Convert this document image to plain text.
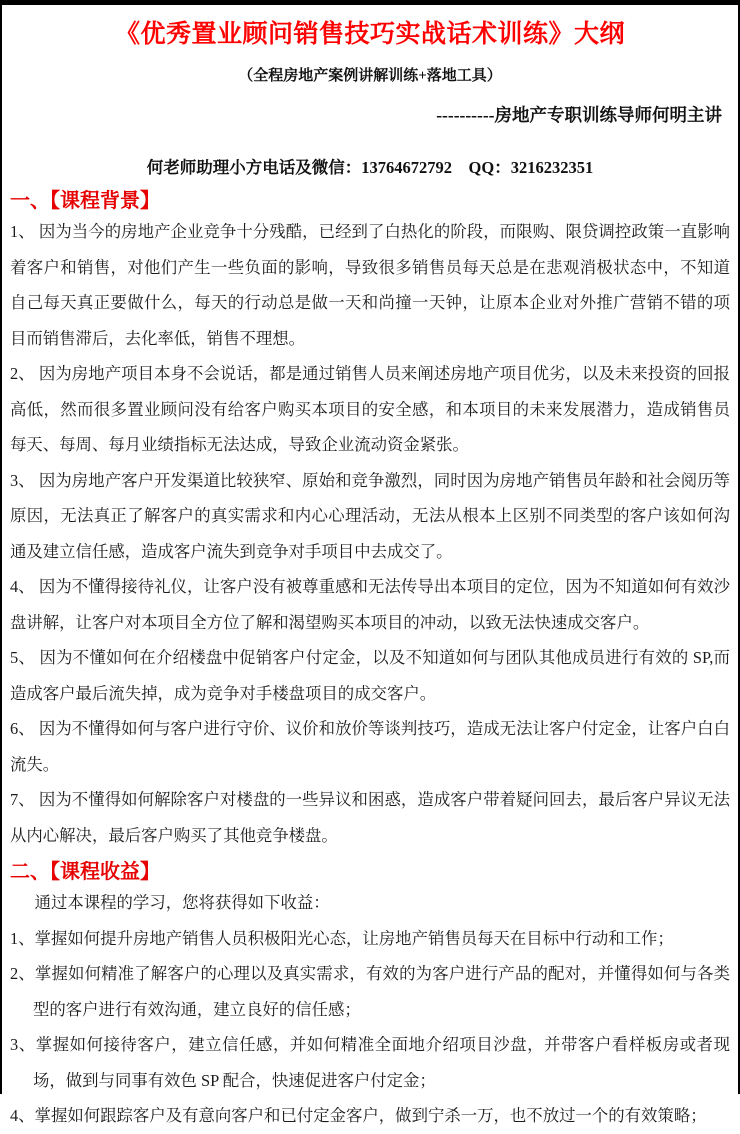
《优秀置业顾问销售技巧实战话术训练》大纲
（全程房地产案例讲解训练+落地工具）
----------房地产专职训练导师何明主讲
何老师助理小方电话及微信：13764672792    QQ：3216232351
一、【课程背景】

1、 因为当今的房地产企业竞争十分残酷，已经到了白热化的阶段，而限购、限贷调控政策一直影响着客户和销售，对他们产生一些负面的影响，导致很多销售员每天总是在悲观消极状态中，不知道自己每天真正要做什么，每天的行动总是做一天和尚撞一天钟，让原本企业对外推广营销不错的项目而销售滞后，去化率低，销售不理想。

2、 因为房地产项目本身不会说话，都是通过销售人员来阐述房地产项目优劣，以及未来投资的回报高低，然而很多置业顾问没有给客户购买本项目的安全感，和本项目的未来发展潜力，造成销售员每天、每周、每月业绩指标无法达成，导致企业流动资金紧张。

3、 因为房地产客户开发渠道比较狭窄、原始和竞争激烈，同时因为房地产销售员年龄和社会阅历等原因，无法真正了解客户的真实需求和内心心理活动，无法从根本上区别不同类型的客户该如何沟通及建立信任感，造成客户流失到竞争对手项目中去成交了。

4、 因为不懂得接待礼仪，让客户没有被尊重感和无法传导出本项目的定位，因为不知道如何有效沙盘讲解，让客户对本项目全方位了解和渴望购买本项目的冲动，以致无法快速成交客户。

5、 因为不懂如何在介绍楼盘中促销客户付定金，以及不知道如何与团队其他成员进行有效的 SP,而造成客户最后流失掉，成为竞争对手楼盘项目的成交客户。

6、 因为不懂得如何与客户进行守价、议价和放价等谈判技巧，造成无法让客户付定金，让客户白白流失。

7、 因为不懂得如何解除客户对楼盘的一些异议和困惑，造成客户带着疑问回去，最后客户异议无法从内心解决，最后客户购买了其他竞争楼盘。

二、【课程收益】

通过本课程的学习，您将获得如下收益：

1、掌握如何提升房地产销售人员积极阳光心态，让房地产销售员每天在目标中行动和工作；

2、掌握如何精准了解客户的心理以及真实需求，有效的为客户进行产品的配对，并懂得如何与各类型的客户进行有效沟通，建立良好的信任感；

3、掌握如何接待客户，建立信任感，并如何精准全面地介绍项目沙盘，并带客户看样板房或者现场，做到与同事有效色 SP 配合，快速促进客户付定金；

4、掌握如何跟踪客户及有意向客户和已付定金客户，做到宁杀一万，也不放过一个的有效策略；
